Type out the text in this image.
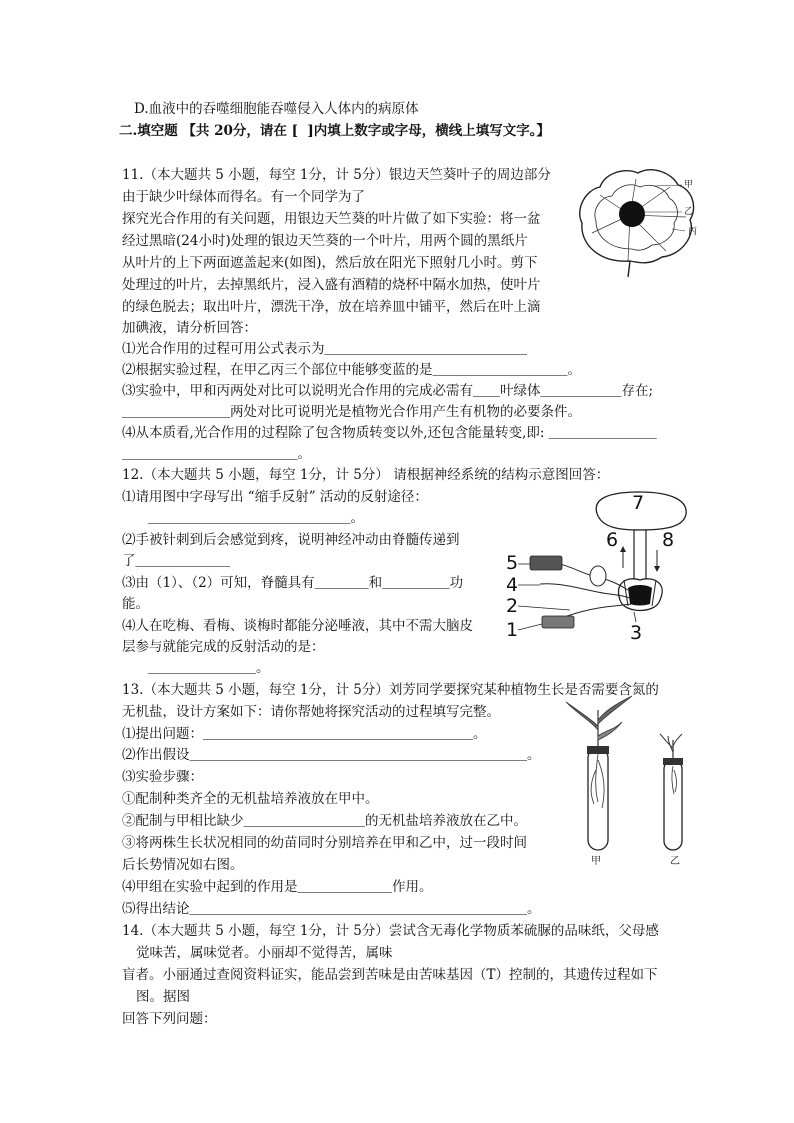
D.血液中的吞噬细胞能吞噬侵入人体内的病原体
二.填空题 【共 20分，请在 [  ]内填上数字或字母，横线上填写文字。】
11.（本大题共 5 小题，每空 1分，计 5分）银边天竺葵叶子的周边部分
由于缺少叶绿体而得名。有一个同学为了
探究光合作用的有关问题，用银边天竺葵的叶片做了如下实验：将一盆
经过黑暗(24小时)处理的银边天竺葵的一个叶片，用两个圆的黑纸片
从叶片的上下两面遮盖起来(如图)，然后放在阳光下照射几小时。剪下
处理过的叶片，去掉黑纸片，浸入盛有酒精的烧杯中隔水加热，使叶片
的绿色脱去；取出叶片，漂洗干净，放在培养皿中铺平，然后在叶上滴
加碘液，请分析回答：
⑴光合作用的过程可用公式表示为＿＿＿＿＿＿＿＿＿＿＿＿＿＿＿
⑵根据实验过程，在甲乙丙三个部位中能够变蓝的是＿＿＿＿＿＿＿＿＿＿。
⑶实验中，甲和丙两处对比可以说明光合作用的完成必需有＿＿叶绿体＿＿＿＿＿＿存在;
＿＿＿＿＿＿＿＿两处对比可说明光是植物光合作用产生有机物的必要条件。
⑷从本质看,光合作用的过程除了包含物质转变以外,还包含能量转变,即: ＿＿＿＿＿＿＿＿
＿＿＿＿＿＿＿＿＿＿＿＿＿。
12.（本大题共 5 小题，每空 1分，计 5分） 请根据神经系统的结构示意图回答：
⑴请用图中字母写出 “缩手反射” 活动的反射途径：
＿＿＿＿＿＿＿＿＿＿＿＿＿＿＿。
⑵手被针刺到后会感觉到疼，说明神经冲动由脊髓传递到
了＿＿＿＿＿＿＿
⑶由（1）、（2）可知，脊髓具有＿＿＿＿和＿＿＿＿＿功
能。
⑷人在吃梅、看梅、谈梅时都能分泌唾液，其中不需大脑皮
层参与就能完成的反射活动的是：
＿＿＿＿＿＿＿＿。
13.（本大题共 5 小题，每空 1分，计 5分）刘芳同学要探究某种植物生长是否需要含氮的
无机盐，设计方案如下：请你帮她将探究活动的过程填写完整。
⑴提出问题：＿＿＿＿＿＿＿＿＿＿＿＿＿＿＿＿＿＿＿＿。
⑵作出假设＿＿＿＿＿＿＿＿＿＿＿＿＿＿＿＿＿＿＿＿＿＿＿＿＿。
⑶实验步骤：
①配制种类齐全的无机盐培养液放在甲中。
②配制与甲相比缺少＿＿＿＿＿＿＿＿＿的无机盐培养液放在乙中。
③将两株生长状况相同的幼苗同时分别培养在甲和乙中，过一段时间
后长势情况如右图。
⑷甲组在实验中起到的作用是＿＿＿＿＿＿＿作用。
⑸得出结论＿＿＿＿＿＿＿＿＿＿＿＿＿＿＿＿＿＿＿＿＿＿＿＿＿。
14.（本大题共 5 小题，每空 1分，计 5分）尝试含无毒化学物质苯硫脲的品味纸，父母感
觉味苦，属味觉者。小丽却不觉得苦，属味
盲者。小丽通过查阅资料证实，能品尝到苦味是由苦味基因（T）控制的，其遗传过程如下
图。据图
回答下列问题：
甲
乙
丙
7
6 8
5
4
2
1	3
甲	乙
